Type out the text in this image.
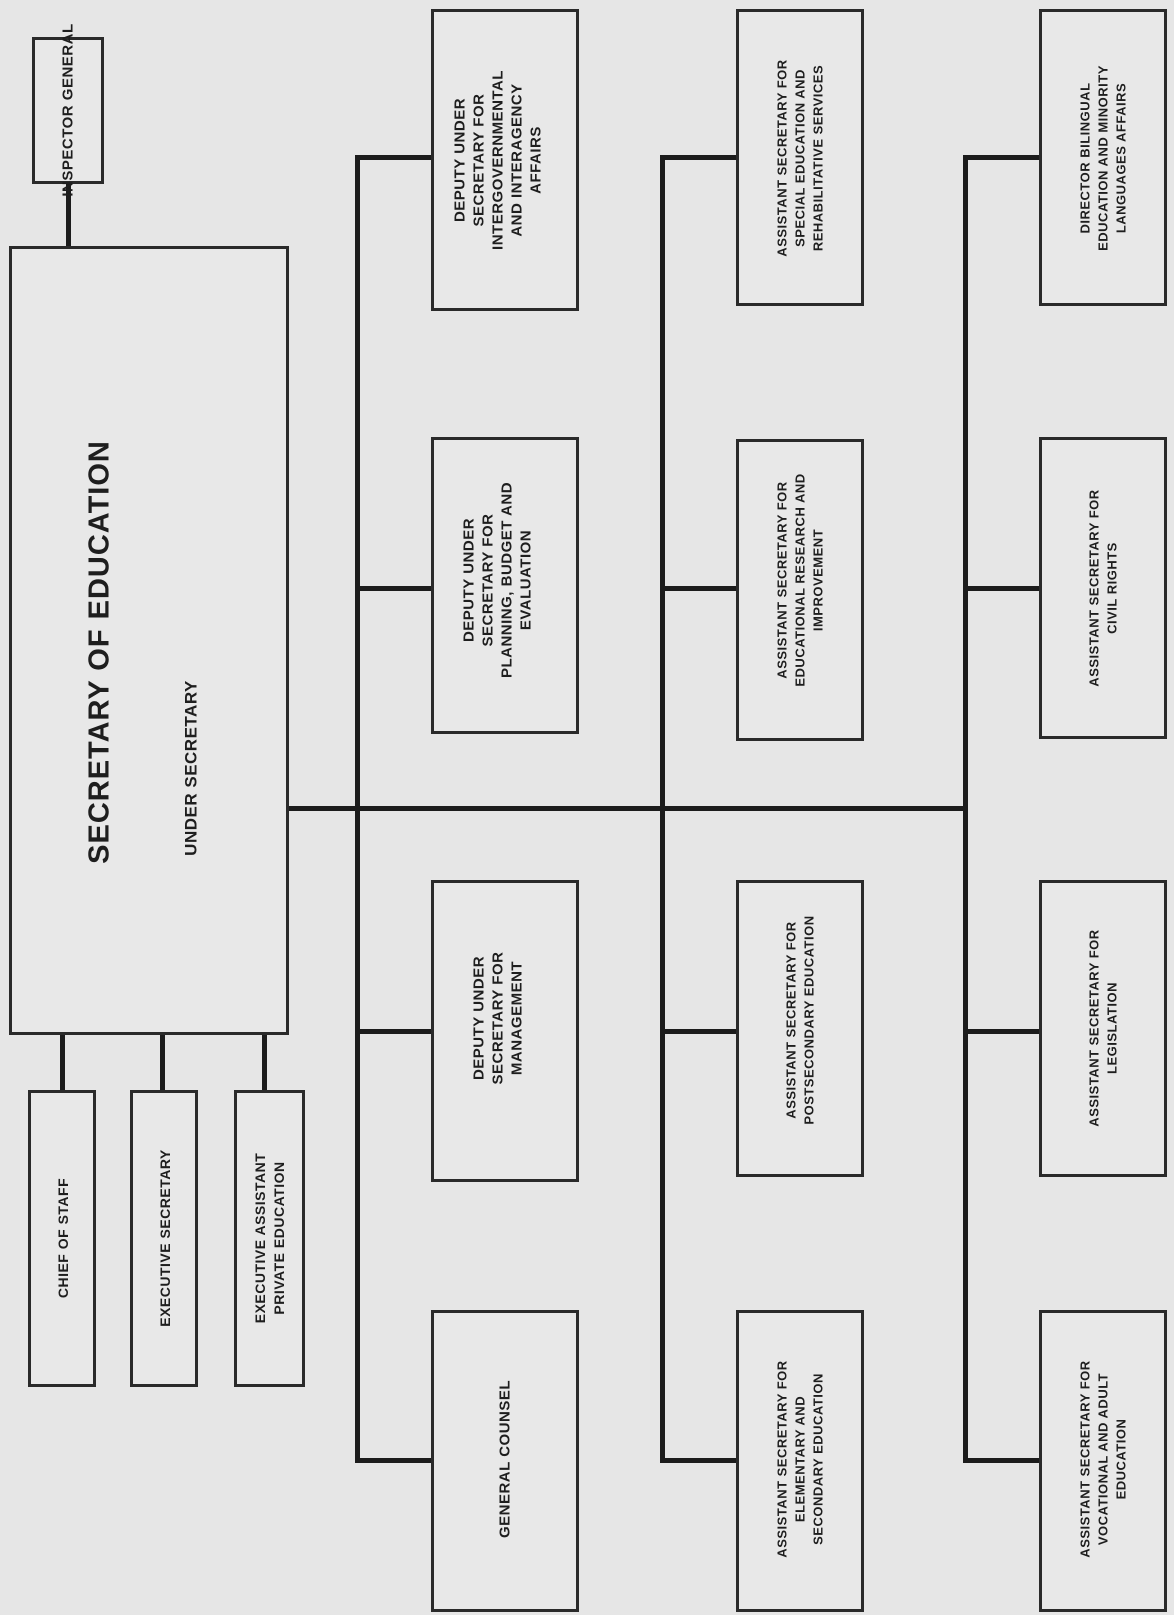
INSPECTOR GENERAL
SECRETARY OF EDUCATION	UNDER SECRETARY
CHIEF OF STAFF	EXECUTIVE SECRETARY	EXECUTIVE ASSISTANT PRIVATE EDUCATION
DEPUTY UNDER SECRETARY FOR INTERGOVERNMENTAL AND INTERAGENCY AFFAIRS
DEPUTY UNDER SECRETARY FOR PLANNING, BUDGET AND EVALUATION
DEPUTY UNDER SECRETARY FOR MANAGEMENT
GENERAL COUNSEL
ASSISTANT SECRETARY FOR SPECIAL EDUCATION AND REHABILITATIVE SERVICES
ASSISTANT SECRETARY FOR EDUCATIONAL RESEARCH AND IMPROVEMENT
ASSISTANT SECRETARY FOR POSTSECONDARY EDUCATION
ASSISTANT SECRETARY FOR ELEMENTARY AND SECONDARY EDUCATION
DIRECTOR BILINGUAL EDUCATION AND MINORITY LANGUAGES AFFAIRS
ASSISTANT SECRETARY FOR CIVIL RIGHTS
ASSISTANT SECRETARY FOR LEGISLATION
ASSISTANT SECRETARY FOR VOCATIONAL AND ADULT EDUCATION
